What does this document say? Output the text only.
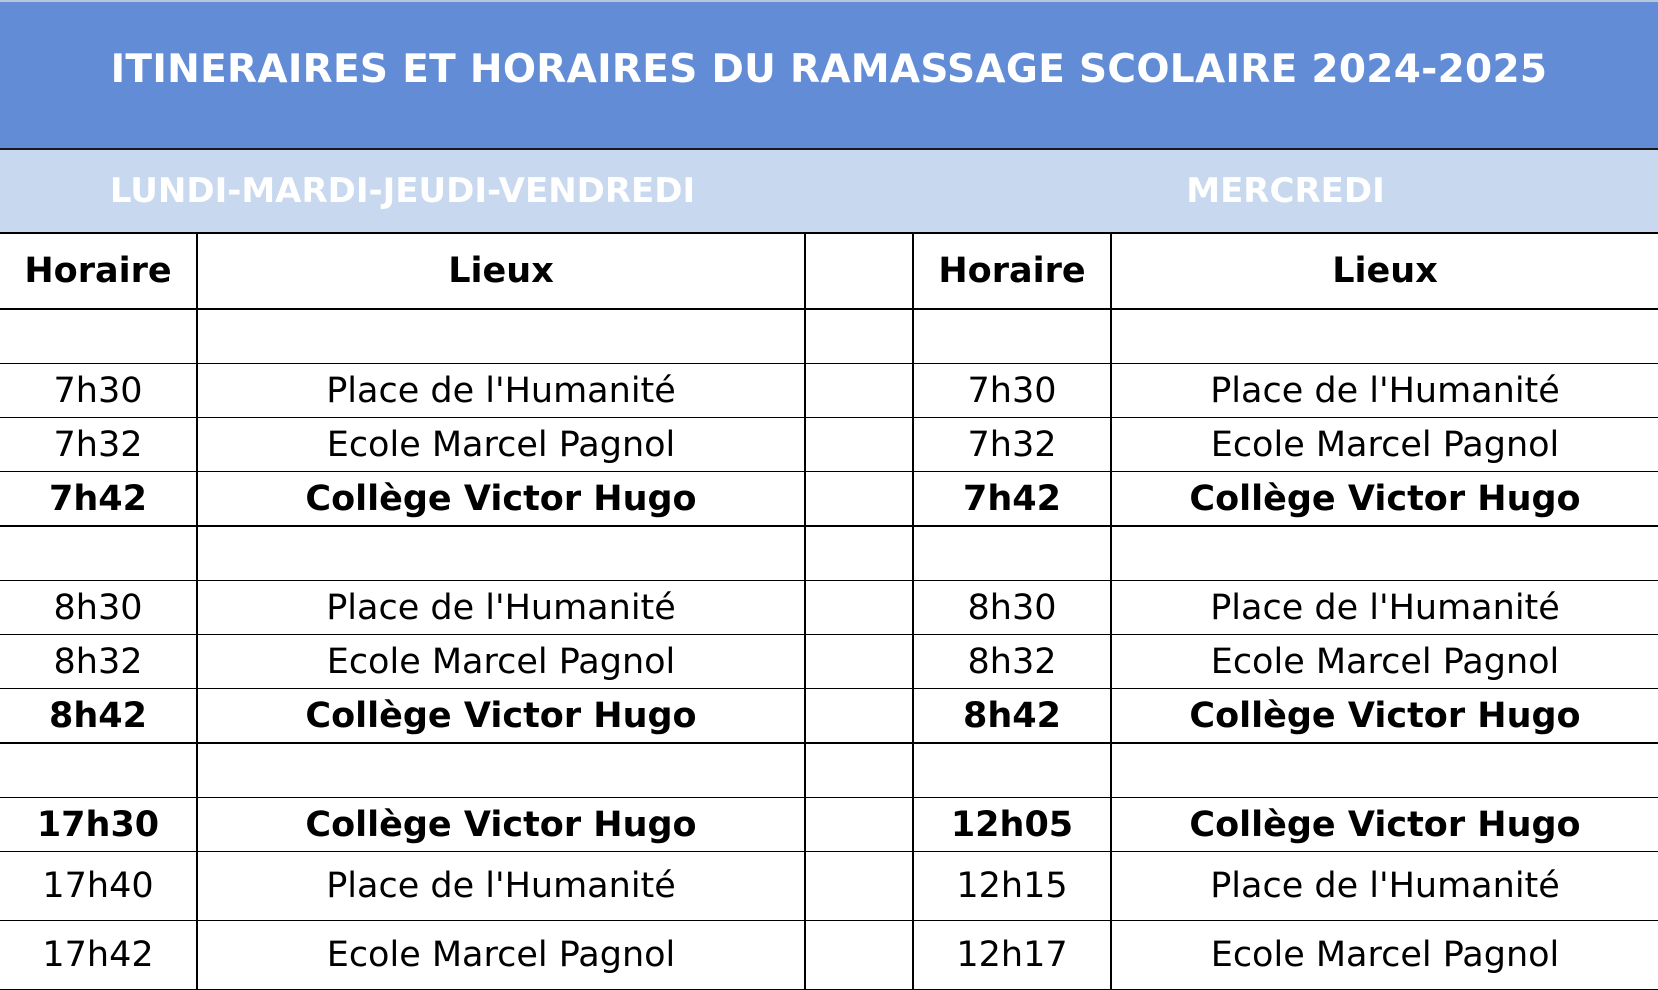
ITINERAIRES ET HORAIRES DU RAMASSAGE SCOLAIRE 2024-2025
LUNDI-MARDI-JEUDI-VENDREDI	MERCREDI
Horaire	Lieux		Horaire	Lieux

7h30	Place de l'Humanité		7h30	Place de l'Humanité
7h32	Ecole Marcel Pagnol		7h32	Ecole Marcel Pagnol
7h42	Collège Victor Hugo		7h42	Collège Victor Hugo

8h30	Place de l'Humanité		8h30	Place de l'Humanité
8h32	Ecole Marcel Pagnol		8h32	Ecole Marcel Pagnol
8h42	Collège Victor Hugo		8h42	Collège Victor Hugo

17h30	Collège Victor Hugo		12h05	Collège Victor Hugo
17h40	Place de l'Humanité		12h15	Place de l'Humanité
17h42	Ecole Marcel Pagnol		12h17	Ecole Marcel Pagnol
